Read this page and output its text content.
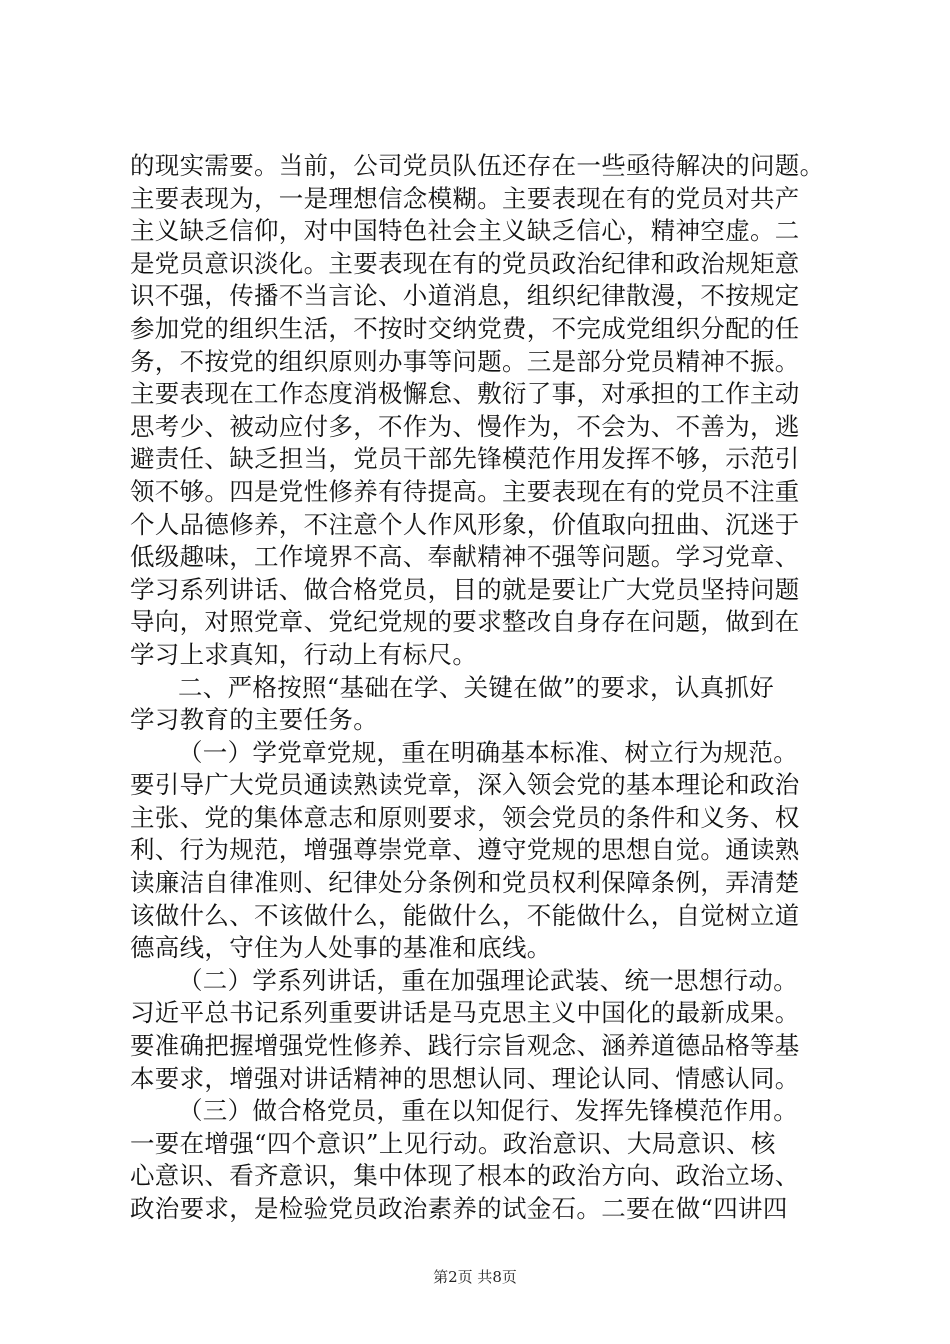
的现实需要。当前，公司党员队伍还存在一些亟待解决的问题。
主要表现为，一是理想信念模糊。主要表现在有的党员对共产
主义缺乏信仰，对中国特色社会主义缺乏信心，精神空虚。二
是党员意识淡化。主要表现在有的党员政治纪律和政治规矩意
识不强，传播不当言论、小道消息，组织纪律散漫，不按规定
参加党的组织生活，不按时交纳党费，不完成党组织分配的任
务，不按党的组织原则办事等问题。三是部分党员精神不振。
主要表现在工作态度消极懈怠、敷衍了事，对承担的工作主动
思考少、被动应付多，不作为、慢作为，不会为、不善为，逃
避责任、缺乏担当，党员干部先锋模范作用发挥不够，示范引
领不够。四是党性修养有待提高。主要表现在有的党员不注重
个人品德修养，不注意个人作风形象，价值取向扭曲、沉迷于
低级趣味，工作境界不高、奉献精神不强等问题。学习党章、
学习系列讲话、做合格党员，目的就是要让广大党员坚持问题
导向，对照党章、党纪党规的要求整改自身存在问题，做到在
学习上求真知，行动上有标尺。
二、严格按照“基础在学、关键在做”的要求，认真抓好
学习教育的主要任务。
（一）学党章党规，重在明确基本标准、树立行为规范。
要引导广大党员通读熟读党章，深入领会党的基本理论和政治
主张、党的集体意志和原则要求，领会党员的条件和义务、权
利、行为规范，增强尊崇党章、遵守党规的思想自觉。通读熟
读廉洁自律准则、纪律处分条例和党员权利保障条例，弄清楚
该做什么、不该做什么，能做什么，不能做什么，自觉树立道
德高线，守住为人处事的基准和底线。
（二）学系列讲话，重在加强理论武装、统一思想行动。
习近平总书记系列重要讲话是马克思主义中国化的最新成果。
要准确把握增强党性修养、践行宗旨观念、涵养道德品格等基
本要求，增强对讲话精神的思想认同、理论认同、情感认同。
（三）做合格党员，重在以知促行、发挥先锋模范作用。
一要在增强“四个意识”上见行动。政治意识、大局意识、核
心意识、看齐意识，集中体现了根本的政治方向、政治立场、
政治要求，是检验党员政治素养的试金石。二要在做“四讲四
第2页 共8页
